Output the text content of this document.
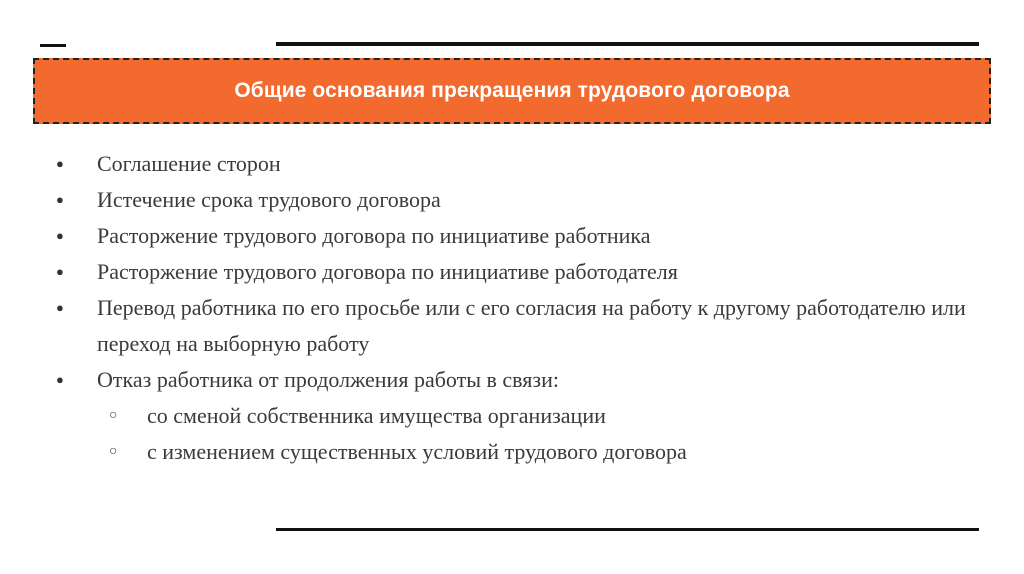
Общие основания прекращения трудового договора
● Соглашение сторон
● Истечение срока трудового договора
● Расторжение трудового договора по инициативе работника
● Расторжение трудового договора по инициативе работодателя
● Перевод работника по его просьбе или с его согласия на работу к другому работодателю или переход на выборную работу
● Отказ работника от продолжения работы в связи:
○ со сменой собственника имущества организации
○ с изменением существенных условий трудового договора
